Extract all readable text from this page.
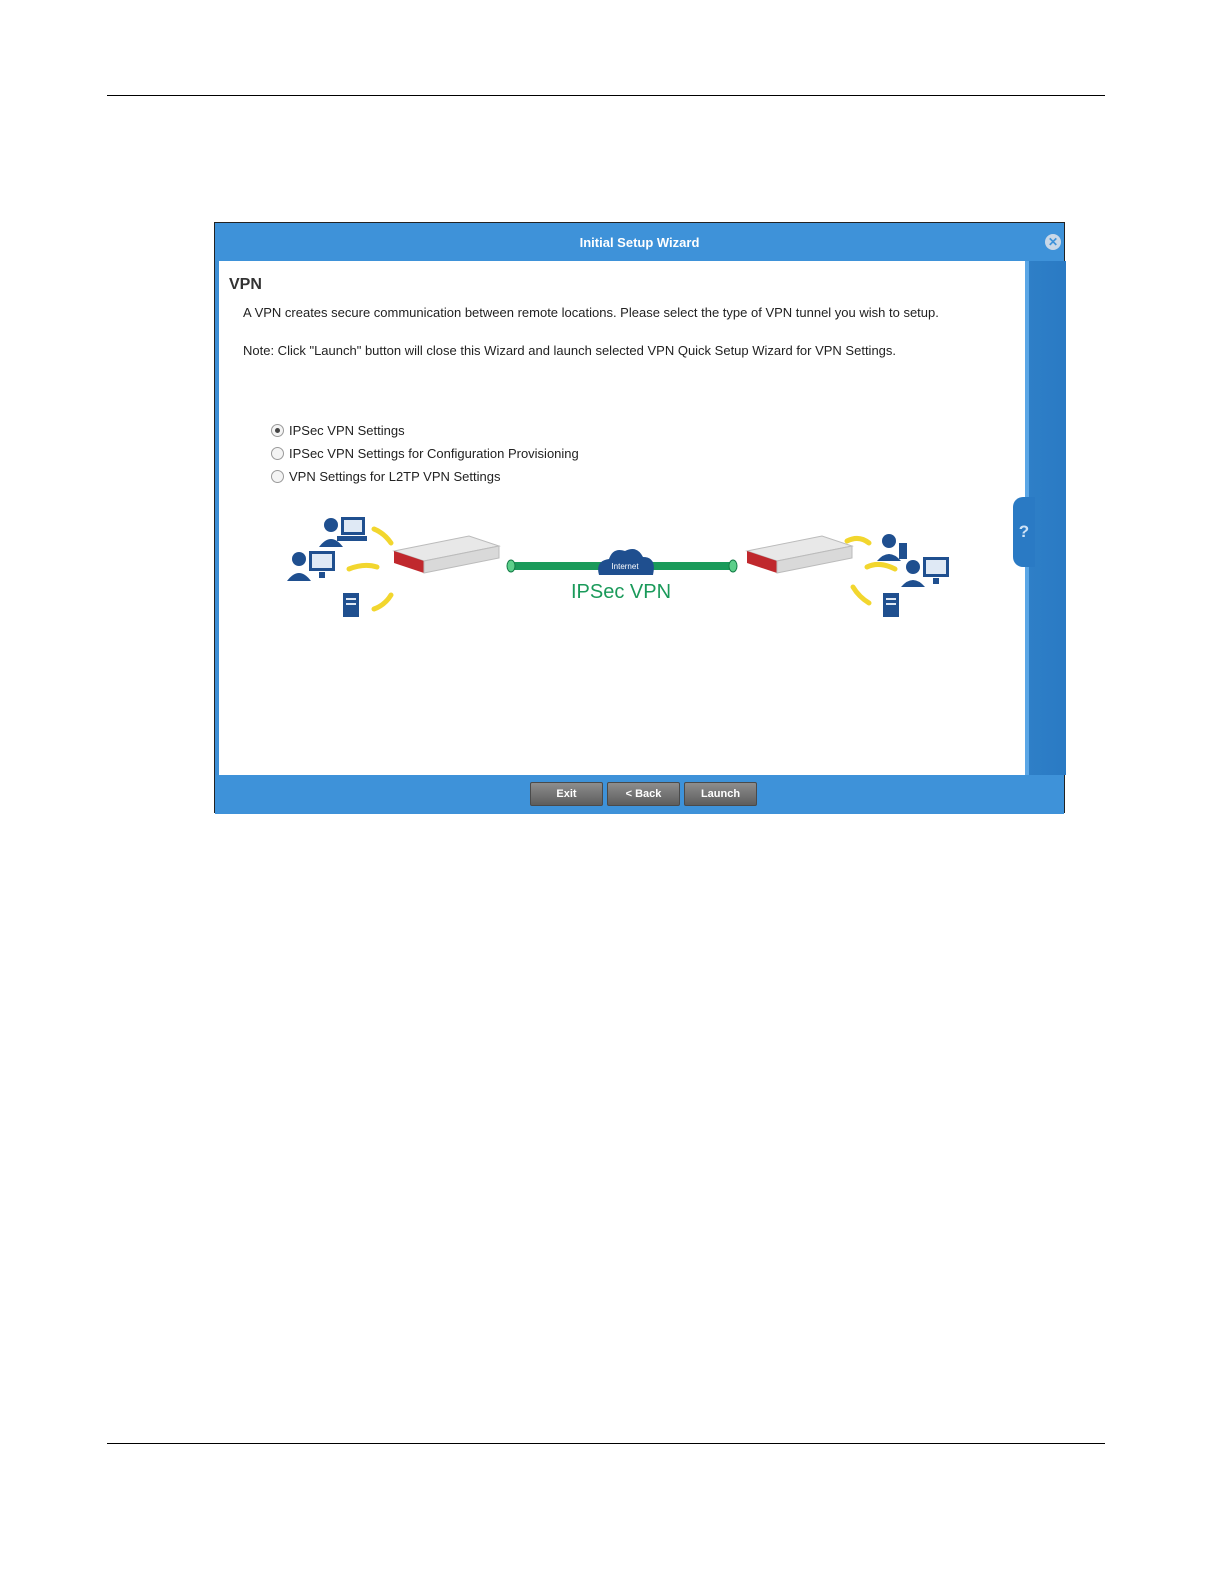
Initial Setup Wizard	✕
VPN
A VPN creates secure communication between remote locations. Please select the type of VPN tunnel you wish to setup.
Note: Click "Launch" button will close this Wizard and launch selected VPN Quick Setup Wizard for VPN Settings.
IPSec VPN Settings
IPSec VPN Settings for Configuration Provisioning
VPN Settings for L2TP VPN Settings
Internet
IPSec VPN
?
Exit	< Back	Launch
